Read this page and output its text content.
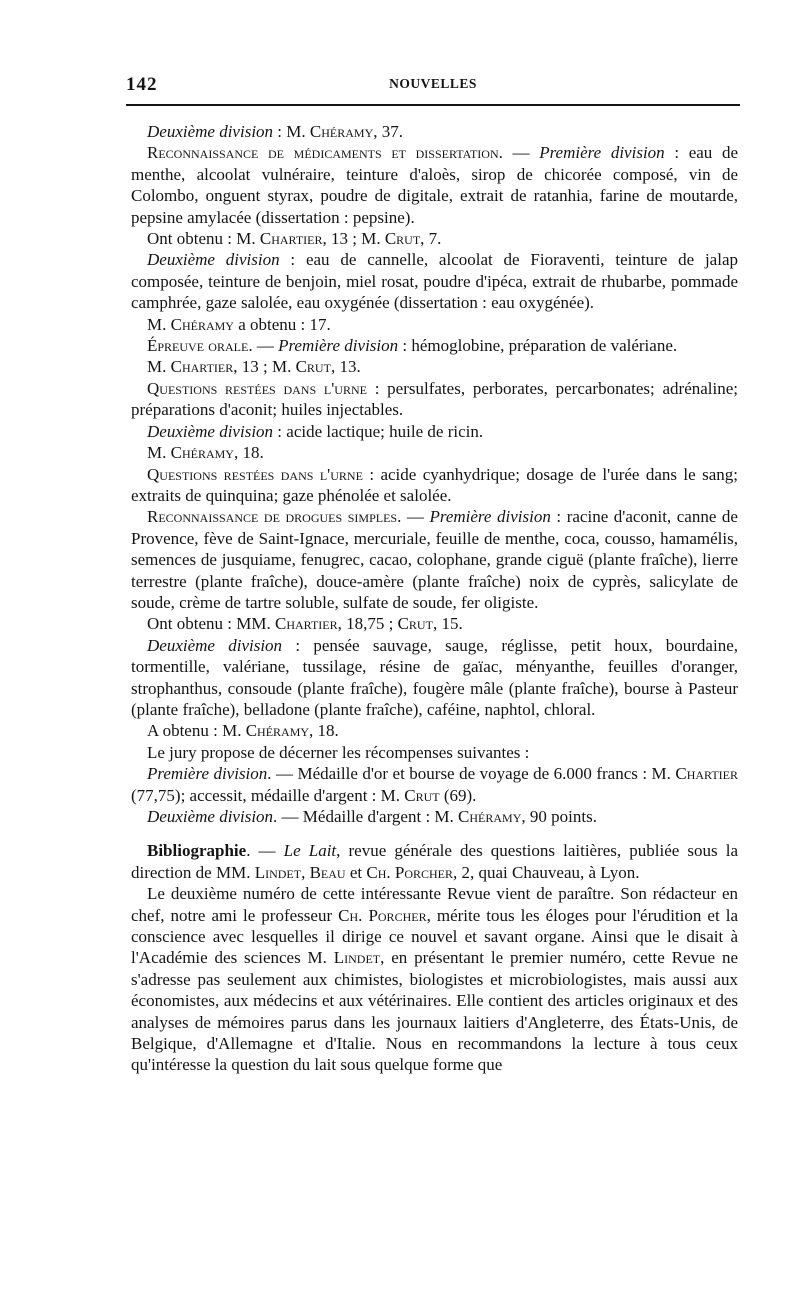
142	NOUVELLES

Deuxième division : M. Chéramy, 37.

Reconnaissance de médicaments et dissertation. — Première division : eau de menthe, alcoolat vulnéraire, teinture d'aloès, sirop de chicorée composé, vin de Colombo, onguent styrax, poudre de digitale, extrait de ratanhia, farine de moutarde, pepsine amylacée (dissertation : pepsine).

Ont obtenu : M. Chartier, 13 ; M. Crut, 7.

Deuxième division : eau de cannelle, alcoolat de Fioraventi, teinture de jalap composée, teinture de benjoin, miel rosat, poudre d'ipéca, extrait de rhubarbe, pommade camphrée, gaze salolée, eau oxygénée (dissertation : eau oxygénée).

M. Chéramy a obtenu : 17.

Épreuve orale. — Première division : hémoglobine, préparation de valériane.

M. Chartier, 13 ; M. Crut, 13.

Questions restées dans l'urne : persulfates, perborates, percarbonates; adrénaline; préparations d'aconit; huiles injectables.

Deuxième division : acide lactique; huile de ricin.

M. Chéramy, 18.

Questions restées dans l'urne : acide cyanhydrique; dosage de l'urée dans le sang; extraits de quinquina; gaze phénolée et salolée.

Reconnaissance de drogues simples. — Première division : racine d'aconit, canne de Provence, fève de Saint-Ignace, mercuriale, feuille de menthe, coca, cousso, hamamélis, semences de jusquiame, fenugrec, cacao, colophane, grande ciguë (plante fraîche), lierre terrestre (plante fraîche), douce-amère (plante fraîche) noix de cyprès, salicylate de soude, crème de tartre soluble, sulfate de soude, fer oligiste.

Ont obtenu : MM. Chartier, 18,75 ; Crut, 15.

Deuxième division : pensée sauvage, sauge, réglisse, petit houx, bourdaine, tormentille, valériane, tussilage, résine de gaïac, ményanthe, feuilles d'oranger, strophanthus, consoude (plante fraîche), fougère mâle (plante fraîche), bourse à Pasteur (plante fraîche), belladone (plante fraîche), caféine, naphtol, chloral.

A obtenu : M. Chéramy, 18.

Le jury propose de décerner les récompenses suivantes :

Première division. — Médaille d'or et bourse de voyage de 6.000 francs : M. Chartier (77,75); accessit, médaille d'argent : M. Crut (69).

Deuxième division. — Médaille d'argent : M. Chéramy, 90 points.

Bibliographie. — Le Lait, revue générale des questions laitières, publiée sous la direction de MM. Lindet, Beau et Ch. Porcher, 2, quai Chauveau, à Lyon.

Le deuxième numéro de cette intéressante Revue vient de paraître. Son rédacteur en chef, notre ami le professeur Ch. Porcher, mérite tous les éloges pour l'érudition et la conscience avec lesquelles il dirige ce nouvel et savant organe. Ainsi que le disait à l'Académie des sciences M. Lindet, en présentant le premier numéro, cette Revue ne s'adresse pas seulement aux chimistes, biologistes et microbiologistes, mais aussi aux économistes, aux médecins et aux vétérinaires. Elle contient des articles originaux et des analyses de mémoires parus dans les journaux laitiers d'Angleterre, des États-Unis, de Belgique, d'Allemagne et d'Italie. Nous en recommandons la lecture à tous ceux qu'intéresse la question du lait sous quelque forme que
